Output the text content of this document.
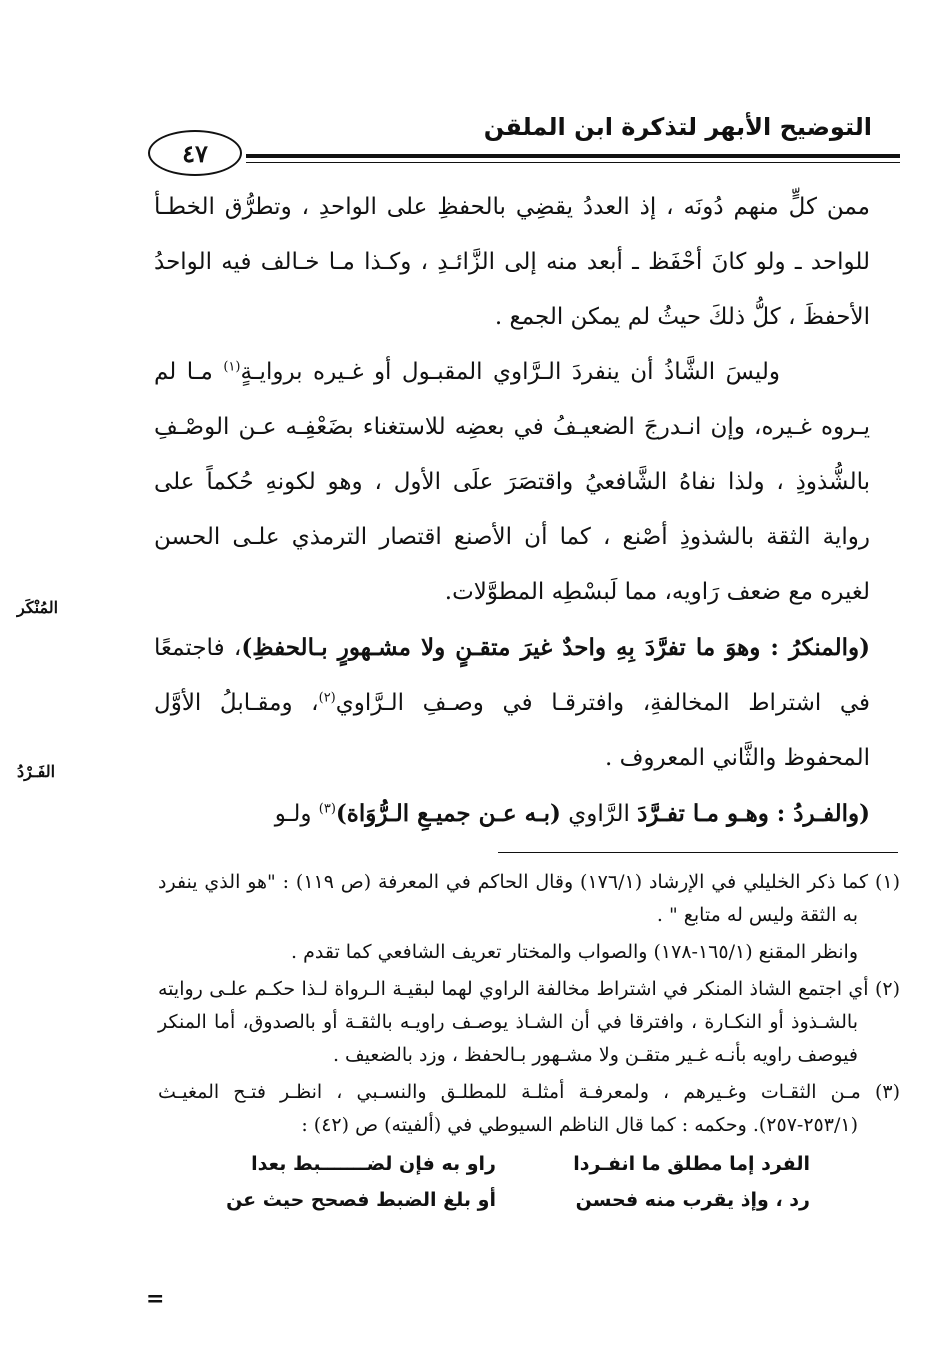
التوضيح الأبهر لتذكرة ابن الملقن
٤٧

ممن كلٍّ منهم دُونَه ، إذ العددُ يقضِي بالحفظِ على الواحدِ ، وتطرُّق الخطـأ للواحد ـ ولو كانَ أحْفَظ ـ أبعد منه إلى الزَّائـدِ ، وكـذا مـا خـالف فيه الواحدُ الأحفظَ ، كلُّ ذلكَ حيثُ لم يمكن الجمع .

وليسَ الشَّاذُ أن ينفردَ الـرَّاوي المقبـول أو غـيره بروايـةٍ$^{(١)}$ مـا لم يـروه غـيره، وإن انـدرجَ الضعيـفُ في بعضِه للاستغناء بضَعْفِـه عـن الوصْـفِ بالشُّذوذِ ، ولذا نفاهُ الشَّافعيُ واقتصَرَ علَى الأول ، وهو لكونهِ حُكماً على رواية الثقة بالشذوذِ أصْنع ، كما أن الأصنع اقتصار الترمذي علـى الحسن لغيره مع ضعف رَاويه، مما لَبسْطِه المطوَّلات.

(والمنكرُ : وهوَ ما تفرَّدَ بِهِ واحدٌ غيرَ متقـنٍ ولا مشـهورٍ بـالحفظِ)، فاجتمعًا في اشتراط المخالفةِ، وافترقـا في وصـفِ الـرَّاوي$^{(٢)}$، ومقـابلُ الأوَّل المحفوظ والثَّاني المعروف .

(والفـردُ : وهـو مـا تفـرَّدَ الرَّاوي (بـه عـن جميـعِ الـرُّوَاة)$^{(٣)}$ ولـو

المُنْكَر
الفَـرْدُ

(١) كما ذكر الخليلي في الإرشاد (١٧٦/١) وقال الحاكم في المعرفة (ص ١١٩) : "هو الذي ينفرد به الثقة وليس له متابع " .

وانظر المقنع (١٦٥/١-١٧٨) والصواب والمختار تعريف الشافعي كما تقدم .

(٢) أي اجتمع الشاذ المنكر في اشتراط مخالفة الراوي لهما لبقيـة الـرواة لـذا حكـم علـى روايته بالشـذوذ أو النكـارة ، وافترقا في أن الشـاذ يوصـف راويـه بالثقـة أو بالصدوق، أما المنكر فيوصف راويه بأنـه غـير متقـن ولا مشـهور بـالحفظ ، وزد بالضعيف .

(٣) مـن الثقـات وغـيرهم ، ولمعرفـة أمثلـة للمطلـق والنسـبي ، انظـر فتـح المغيـث (٢٥٣/١-٢٥٧). وحكمه : كما قال الناظم السيوطي في (ألفيته) ص (٤٢) :

الفرد إما مطلق ما انفـردا
راو به فإن لضـــــــبط بعدا
رد ، وإذ يقرب منه فحسن
أو بلغ الضبط فصحح حيث عن
=
